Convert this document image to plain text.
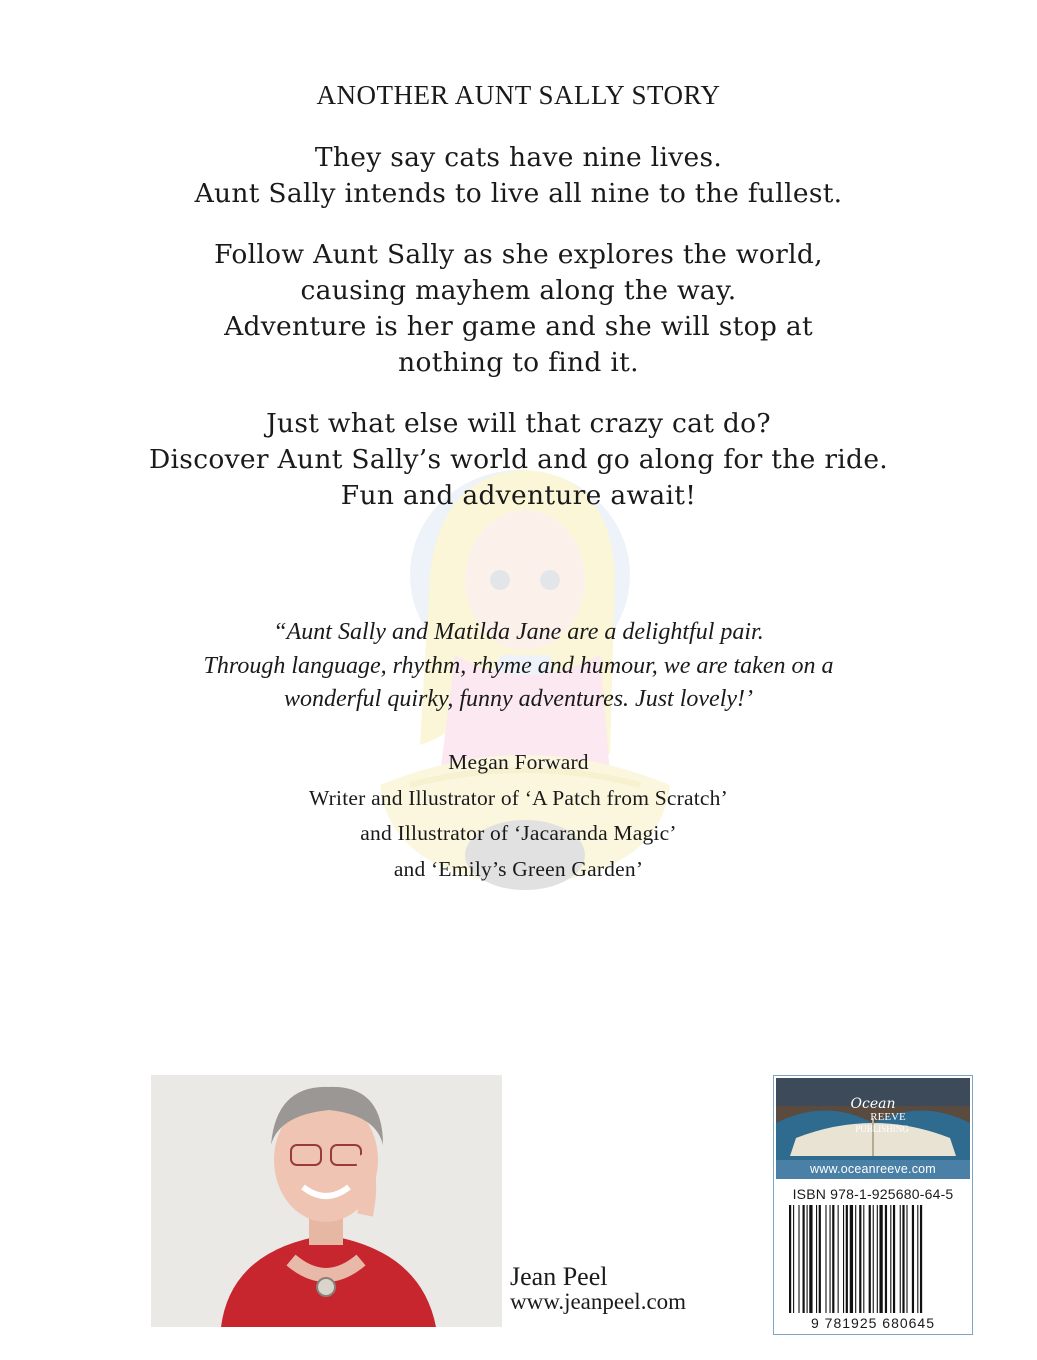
ANOTHER AUNT SALLY STORY
They say cats have nine lives.
Aunt Sally intends to live all nine to the fullest.
Follow Aunt Sally as she explores the world,
causing mayhem along the way.
Adventure is her game and she will stop at
nothing to find it.
Just what else will that crazy cat do?
Discover Aunt Sally’s world and go along for the ride.
Fun and adventure await!
“Aunt Sally and Matilda Jane are a delightful pair.
Through language, rhythm, rhyme and humour, we are taken on a
wonderful quirky, funny adventures. Just lovely!’
Megan Forward
Writer and Illustrator of ‘A Patch from Scratch’
and Illustrator of ‘Jacaranda Magic’
and ‘Emily’s Green Garden’
Jean Peel
www.jeanpeel.com
Ocean
REEVE
PUBLISHING
www.oceanreeve.com
ISBN 978-1-925680-64-5
9 781925 680645
